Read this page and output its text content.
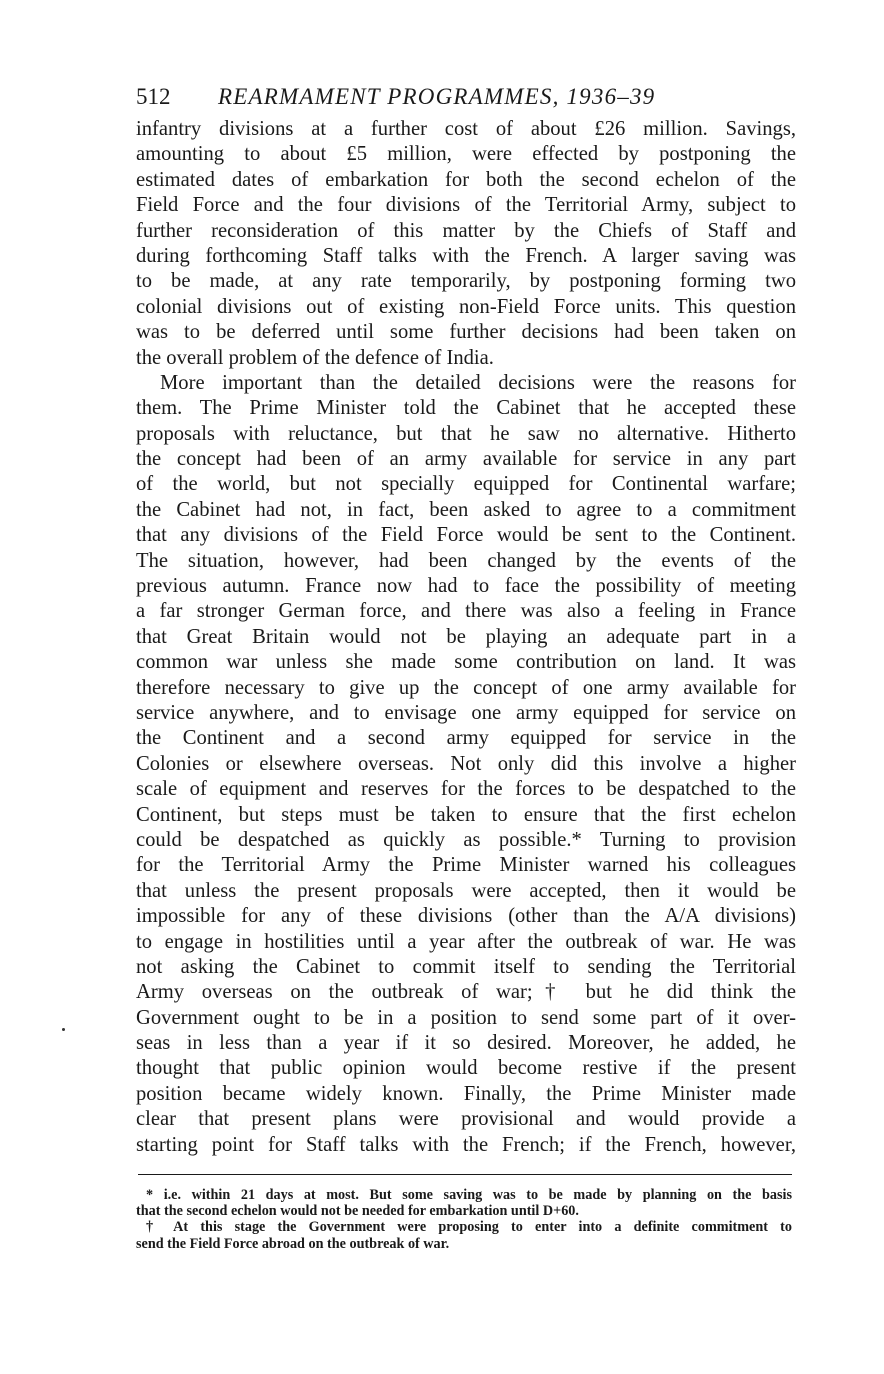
512 REARMAMENT PROGRAMMES, 1936–39
infantry divisions at a further cost of about £26 million. Savings,
amounting to about £5 million, were effected by postponing the
estimated dates of embarkation for both the second echelon of the
Field Force and the four divisions of the Territorial Army, subject to
further reconsideration of this matter by the Chiefs of Staff and
during forthcoming Staff talks with the French. A larger saving was
to be made, at any rate temporarily, by postponing forming two
colonial divisions out of existing non-Field Force units. This question
was to be deferred until some further decisions had been taken on
the overall problem of the defence of India.
More important than the detailed decisions were the reasons for
them. The Prime Minister told the Cabinet that he accepted these
proposals with reluctance, but that he saw no alternative. Hitherto
the concept had been of an army available for service in any part
of the world, but not specially equipped for Continental warfare;
the Cabinet had not, in fact, been asked to agree to a commitment
that any divisions of the Field Force would be sent to the Continent.
The situation, however, had been changed by the events of the
previous autumn. France now had to face the possibility of meeting
a far stronger German force, and there was also a feeling in France
that Great Britain would not be playing an adequate part in a
common war unless she made some contribution on land. It was
therefore necessary to give up the concept of one army available for
service anywhere, and to envisage one army equipped for service on
the Continent and a second army equipped for service in the
Colonies or elsewhere overseas. Not only did this involve a higher
scale of equipment and reserves for the forces to be despatched to the
Continent, but steps must be taken to ensure that the first echelon
could be despatched as quickly as possible.* Turning to provision
for the Territorial Army the Prime Minister warned his colleagues
that unless the present proposals were accepted, then it would be
impossible for any of these divisions (other than the A/A divisions)
to engage in hostilities until a year after the outbreak of war. He was
not asking the Cabinet to commit itself to sending the Territorial
Army overseas on the outbreak of war;† but he did think the
Government ought to be in a position to send some part of it over-
seas in less than a year if it so desired. Moreover, he added, he
thought that public opinion would become restive if the present
position became widely known. Finally, the Prime Minister made
clear that present plans were provisional and would provide a
starting point for Staff talks with the French; if the French, however,
* i.e. within 21 days at most. But some saving was to be made by planning on the basis
that the second echelon would not be needed for embarkation until D+60.
† At this stage the Government were proposing to enter into a definite commitment to
send the Field Force abroad on the outbreak of war.
